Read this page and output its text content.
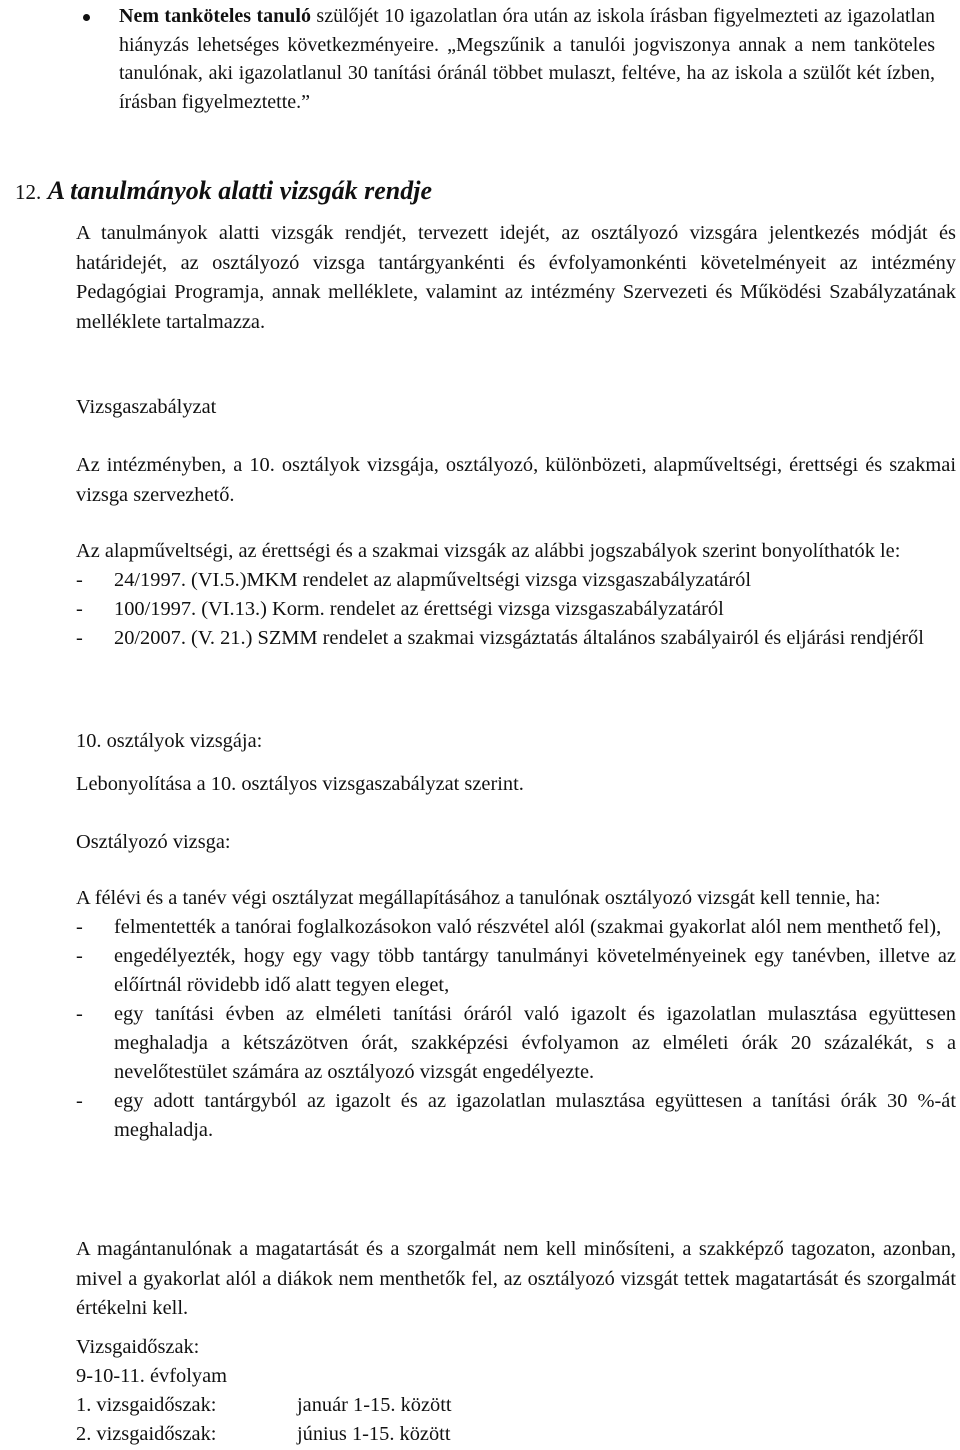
Nem tanköteles tanuló szülőjét 10 igazolatlan óra után az iskola írásban figyelmezteti az igazolatlan hiányzás lehetséges következményeire. „Megszűnik a tanulói jogviszonya annak a nem tanköteles tanulónak, aki igazolatlanul 30 tanítási óránál többet mulaszt, feltéve, ha az iskola a szülőt két ízben, írásban figyelmeztette.”
12. A tanulmányok alatti vizsgák rendje

A tanulmányok alatti vizsgák rendjét, tervezett idejét, az osztályozó vizsgára jelentkezés módját és határidejét, az osztályozó vizsga tantárgyankénti és évfolyamonkénti követelményeit az intézmény Pedagógiai Programja, annak melléklete, valamint az intézmény Szervezeti és Működési Szabályzatának melléklete tartalmazza.

Vizsgaszabályzat

Az intézményben, a 10. osztályok vizsgája, osztályozó, különbözeti, alapműveltségi, érettségi és szakmai vizsga szervezhető.

Az alapműveltségi, az érettségi és a szakmai vizsgák az alábbi jogszabályok szerint bonyolíthatók le:

- 24/1997. (VI.5.)MKM rendelet az alapműveltségi vizsga vizsgaszabályzatáról
- 100/1997. (VI.13.) Korm. rendelet az érettségi vizsga vizsgaszabályzatáról
- 20/2007. (V. 21.) SZMM rendelet a szakmai vizsgáztatás általános szabályairól és eljárási rendjéről
10. osztályok vizsgája:
Lebonyolítása a 10. osztályos vizsgaszabályzat szerint.
Osztályozó vizsga:

A félévi és a tanév végi osztályzat megállapításához a tanulónak osztályozó vizsgát kell tennie, ha:

- felmentették a tanórai foglalkozásokon való részvétel alól (szakmai gyakorlat alól nem menthető fel),
- engedélyezték, hogy egy vagy több tantárgy tanulmányi követelményeinek egy tanévben, illetve az előírtnál rövidebb idő alatt tegyen eleget,
- egy tanítási évben az elméleti tanítási óráról való igazolt és igazolatlan mulasztása együttesen meghaladja a kétszázötven órát, szakképzési évfolyamon az elméleti órák 20 százalékát, s a nevelőtestület számára az osztályozó vizsgát engedélyezte.
- egy adott tantárgyból az igazolt és az igazolatlan mulasztása együttesen a tanítási órák 30 %-át meghaladja.

A magántanulónak a magatartását és a szorgalmát nem kell minősíteni, a szakképző tagozaton, azonban, mivel a gyakorlat alól a diákok nem menthetők fel, az osztályozó vizsgát tettek magatartását és szorgalmát értékelni kell.

Vizsgaidőszak:
9-10-11. évfolyam
1. vizsgaidőszak:	január 1-15. között
2. vizsgaidőszak:	június 1-15. között
